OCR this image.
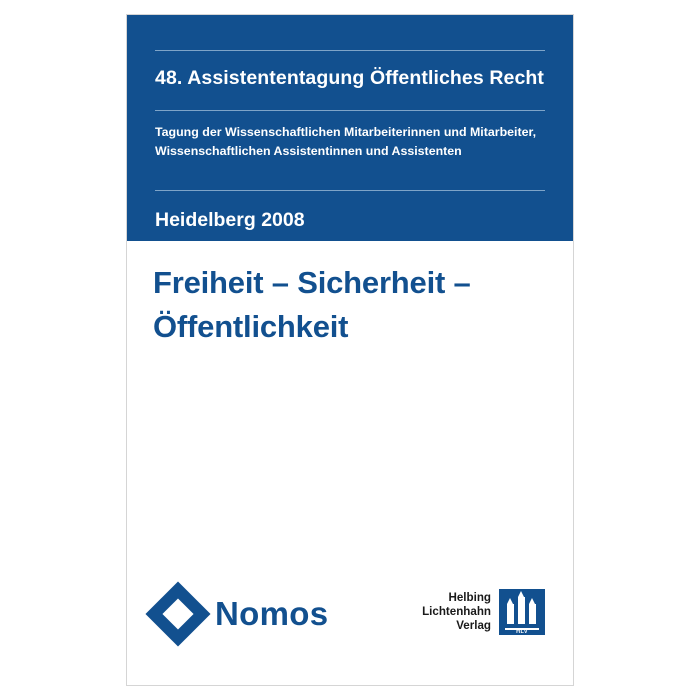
48. Assistententagung Öffentliches Recht
Tagung der Wissenschaftlichen Mitarbeiterinnen und Mitarbeiter, Wissenschaftlichen Assistentinnen und Assistenten
Heidelberg 2008
Freiheit – Sicherheit – Öffentlichkeit
Nomos	Helbing
Lichtenhahn
Verlag
HLV
